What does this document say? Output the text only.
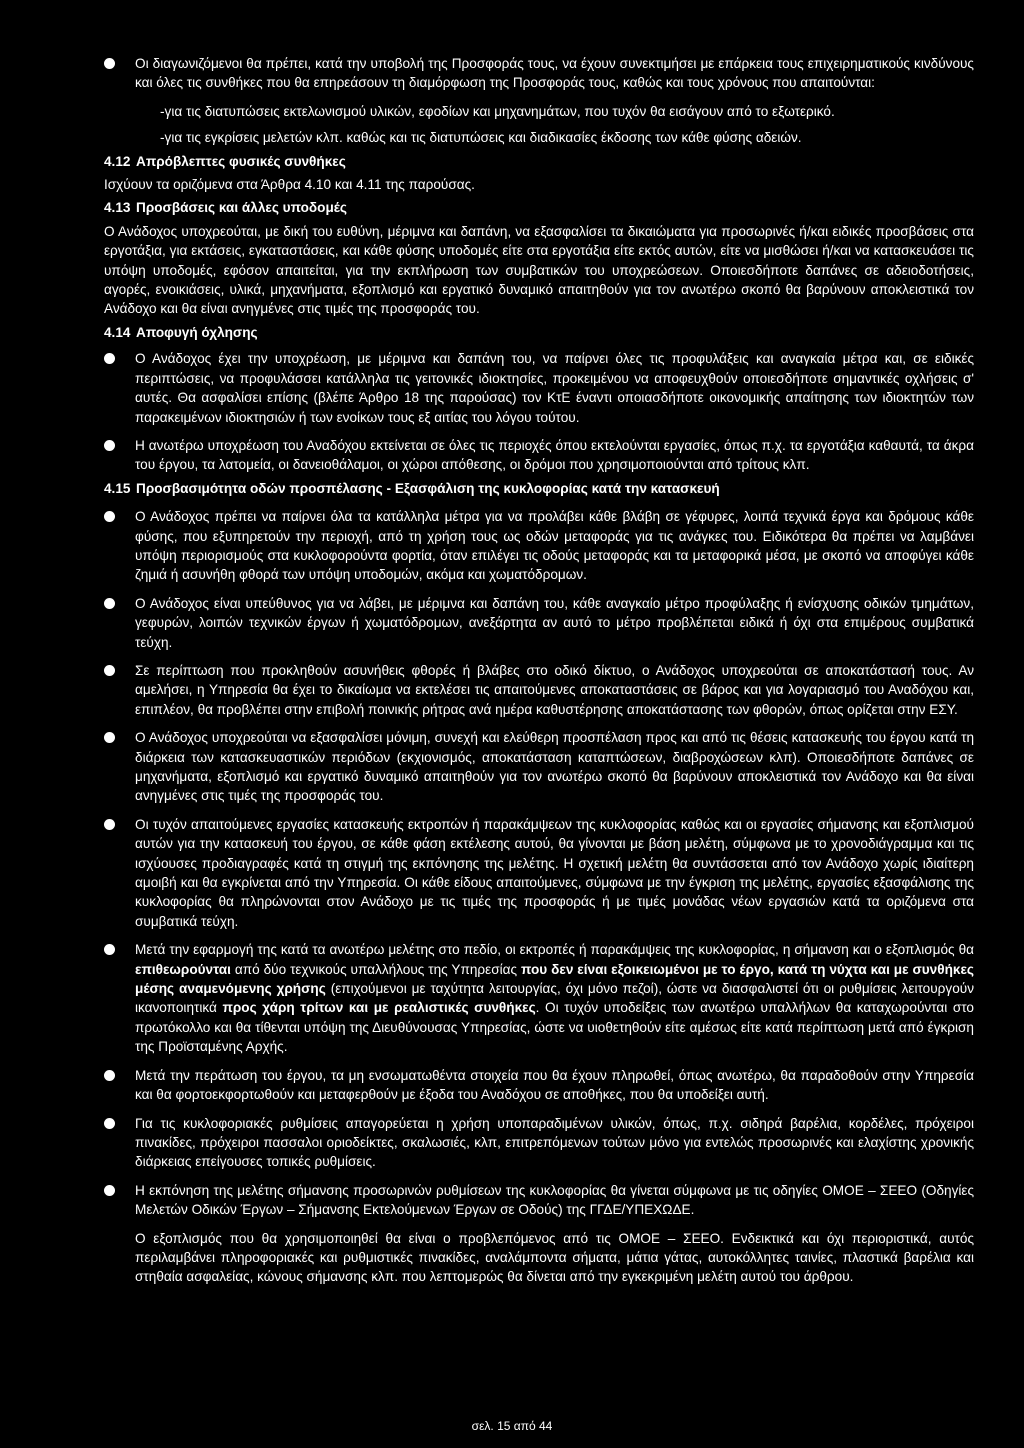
Οι διαγωνιζόμενοι θα πρέπει, κατά την υποβολή της Προσφοράς τους, να έχουν συνεκτιμήσει με επάρκεια τους επιχειρηματικούς κινδύνους και όλες τις συνθήκες που θα επηρεάσουν τη διαμόρφωση της Προσφοράς τους, καθώς και τους χρόνους που απαιτούνται:

-για τις διατυπώσεις εκτελωνισμού υλικών, εφοδίων και μηχανημάτων, που τυχόν θα εισάγουν από το εξωτερικό.

-για τις εγκρίσεις μελετών κλπ. καθώς και τις διατυπώσεις και διαδικασίες έκδοσης των κάθε φύσης αδειών.

4.12 Απρόβλεπτες φυσικές συνθήκες

Ισχύουν τα οριζόμενα στα Άρθρα 4.10 και 4.11 της παρούσας.

4.13 Προσβάσεις και άλλες υποδομές

Ο Ανάδοχος υποχρεούται, με δική του ευθύνη, μέριμνα και δαπάνη, να εξασφαλίσει τα δικαιώματα για προσωρινές ή/και ειδικές προσβάσεις στα εργοτάξια, για εκτάσεις, εγκαταστάσεις, και κάθε φύσης υποδομές είτε στα εργοτάξια είτε εκτός αυτών, είτε να μισθώσει ή/και να κατασκευάσει τις υπόψη υποδομές, εφόσον απαιτείται, για την εκπλήρωση των συμβατικών του υποχρεώσεων. Οποιεσδήποτε δαπάνες σε αδειοδοτήσεις, αγορές, ενοικιάσεις, υλικά, μηχανήματα, εξοπλισμό και εργατικό δυναμικό απαιτηθούν για τον ανωτέρω σκοπό θα βαρύνουν αποκλειστικά τον Ανάδοχο και θα είναι ανηγμένες στις τιμές της προσφοράς του.

4.14 Αποφυγή όχλησης

Ο Ανάδοχος έχει την υποχρέωση, με μέριμνα και δαπάνη του, να παίρνει όλες τις προφυλάξεις και αναγκαία μέτρα και, σε ειδικές περιπτώσεις, να προφυλάσσει κατάλληλα τις γειτονικές ιδιοκτησίες, προκειμένου να αποφευχθούν οποιεσδήποτε σημαντικές οχλήσεις σ' αυτές. Θα ασφαλίσει επίσης (βλέπε Άρθρο 18 της παρούσας) τον ΚτΕ έναντι οποιασδήποτε οικονομικής απαίτησης των ιδιοκτητών των παρακειμένων ιδιοκτησιών ή των ενοίκων τους εξ αιτίας του λόγου τούτου.

Η ανωτέρω υποχρέωση του Αναδόχου εκτείνεται σε όλες τις περιοχές όπου εκτελούνται εργασίες, όπως π.χ. τα εργοτάξια καθαυτά, τα άκρα του έργου, τα λατομεία, οι δανειοθάλαμοι, οι χώροι απόθεσης, οι δρόμοι που χρησιμοποιούνται από τρίτους κλπ.

4.15 Προσβασιμότητα οδών προσπέλασης - Εξασφάλιση της κυκλοφορίας κατά την κατασκευή

Ο Ανάδοχος πρέπει να παίρνει όλα τα κατάλληλα μέτρα για να προλάβει κάθε βλάβη σε γέφυρες, λοιπά τεχνικά έργα και δρόμους κάθε φύσης, που εξυπηρετούν την περιοχή, από τη χρήση τους ως οδών μεταφοράς για τις ανάγκες του. Ειδικότερα θα πρέπει να λαμβάνει υπόψη περιορισμούς στα κυκλοφορούντα φορτία, όταν επιλέγει τις οδούς μεταφοράς και τα μεταφορικά μέσα, με σκοπό να αποφύγει κάθε ζημιά ή ασυνήθη φθορά των υπόψη υποδομών, ακόμα και χωματόδρομων.

Ο Ανάδοχος είναι υπεύθυνος για να λάβει, με μέριμνα και δαπάνη του, κάθε αναγκαίο μέτρο προφύλαξης ή ενίσχυσης οδικών τμημάτων, γεφυρών, λοιπών τεχνικών έργων ή χωματόδρομων, ανεξάρτητα αν αυτό το μέτρο προβλέπεται ειδικά ή όχι στα επιμέρους συμβατικά τεύχη.

Σε περίπτωση που προκληθούν ασυνήθεις φθορές ή βλάβες στο οδικό δίκτυο, ο Ανάδοχος υποχρεούται σε αποκατάστασή τους. Αν αμελήσει, η Υπηρεσία θα έχει το δικαίωμα να εκτελέσει τις απαιτούμενες αποκαταστάσεις σε βάρος και για λογαριασμό του Αναδόχου και, επιπλέον, θα προβλέπει στην επιβολή ποινικής ρήτρας ανά ημέρα καθυστέρησης αποκατάστασης των φθορών, όπως ορίζεται στην ΕΣΥ.

Ο Ανάδοχος υποχρεούται να εξασφαλίσει μόνιμη, συνεχή και ελεύθερη προσπέλαση προς και από τις θέσεις κατασκευής του έργου κατά τη διάρκεια των κατασκευαστικών περιόδων (εκχιονισμός, αποκατάσταση καταπτώσεων, διαβροχώσεων κλπ). Οποιεσδήποτε δαπάνες σε μηχανήματα, εξοπλισμό και εργατικό δυναμικό απαιτηθούν για τον ανωτέρω σκοπό θα βαρύνουν αποκλειστικά τον Ανάδοχο και θα είναι ανηγμένες στις τιμές της προσφοράς του.

Οι τυχόν απαιτούμενες εργασίες κατασκευής εκτροπών ή παρακάμψεων της κυκλοφορίας καθώς και οι εργασίες σήμανσης και εξοπλισμού αυτών για την κατασκευή του έργου, σε κάθε φάση εκτέλεσης αυτού, θα γίνονται με βάση μελέτη, σύμφωνα με το χρονοδιάγραμμα και τις ισχύουσες προδιαγραφές κατά τη στιγμή της εκπόνησης της μελέτης. Η σχετική μελέτη θα συντάσσεται από τον Ανάδοχο χωρίς ιδιαίτερη αμοιβή και θα εγκρίνεται από την Υπηρεσία. Οι κάθε είδους απαιτούμενες, σύμφωνα με την έγκριση της μελέτης, εργασίες εξασφάλισης της κυκλοφορίας θα πληρώνονται στον Ανάδοχο με τις τιμές της προσφοράς ή με τιμές μονάδας νέων εργασιών κατά τα οριζόμενα στα συμβατικά τεύχη.

Μετά την εφαρμογή της κατά τα ανωτέρω μελέτης στο πεδίο, οι εκτροπές ή παρακάμψεις της κυκλοφορίας, η σήμανση και ο εξοπλισμός θα επιθεωρούνται από δύο τεχνικούς υπαλλήλους της Υπηρεσίας που δεν είναι εξοικειωμένοι με το έργο, κατά τη νύχτα και με συνθήκες μέσης αναμενόμενης χρήσης (επιχούμενοι με ταχύτητα λειτουργίας, όχι μόνο πεζοί), ώστε να διασφαλιστεί ότι οι ρυθμίσεις λειτουργούν ικανοποιητικά προς χάρη τρίτων και με ρεαλιστικές συνθήκες. Οι τυχόν υποδείξεις των ανωτέρω υπαλλήλων θα καταχωρούνται στο πρωτόκολλο και θα τίθενται υπόψη της Διευθύνουσας Υπηρεσίας, ώστε να υιοθετηθούν είτε αμέσως είτε κατά περίπτωση μετά από έγκριση της Προϊσταμένης Αρχής.

Μετά την περάτωση του έργου, τα μη ενσωματωθέντα στοιχεία που θα έχουν πληρωθεί, όπως ανωτέρω, θα παραδοθούν στην Υπηρεσία και θα φορτοεκφορτωθούν και μεταφερθούν με έξοδα του Αναδόχου σε αποθήκες, που θα υποδείξει αυτή.

Για τις κυκλοφοριακές ρυθμίσεις απαγορεύεται η χρήση υποπαραδιμένων υλικών, όπως, π.χ. σιδηρά βαρέλια, κορδέλες, πρόχειροι πινακίδες, πρόχειροι πασσαλοι οριοδείκτες, σκαλωσιές, κλπ, επιτρεπόμενων τούτων μόνο για εντελώς προσωρινές και ελαχίστης χρονικής διάρκειας επείγουσες τοπικές ρυθμίσεις.

Η εκπόνηση της μελέτης σήμανσης προσωρινών ρυθμίσεων της κυκλοφορίας θα γίνεται σύμφωνα με τις οδηγίες ΟΜΟΕ – ΣΕΕΟ (Οδηγίες Μελετών Οδικών Έργων – Σήμανσης Εκτελούμενων Έργων σε Οδούς) της ΓΓΔΕ/ΥΠΕΧΩΔΕ.

Ο εξοπλισμός που θα χρησιμοποιηθεί θα είναι ο προβλεπόμενος από τις ΟΜΟΕ – ΣΕΕΟ. Ενδεικτικά και όχι περιοριστικά, αυτός περιλαμβάνει πληροφοριακές και ρυθμιστικές πινακίδες, αναλάμποντα σήματα, μάτια γάτας, αυτοκόλλητες ταινίες, πλαστικά βαρέλια και στηθαία ασφαλείας, κώνους σήμανσης κλπ. που λεπτομερώς θα δίνεται από την εγκεκριμένη μελέτη αυτού του άρθρου.

σελ. 15 από 44
